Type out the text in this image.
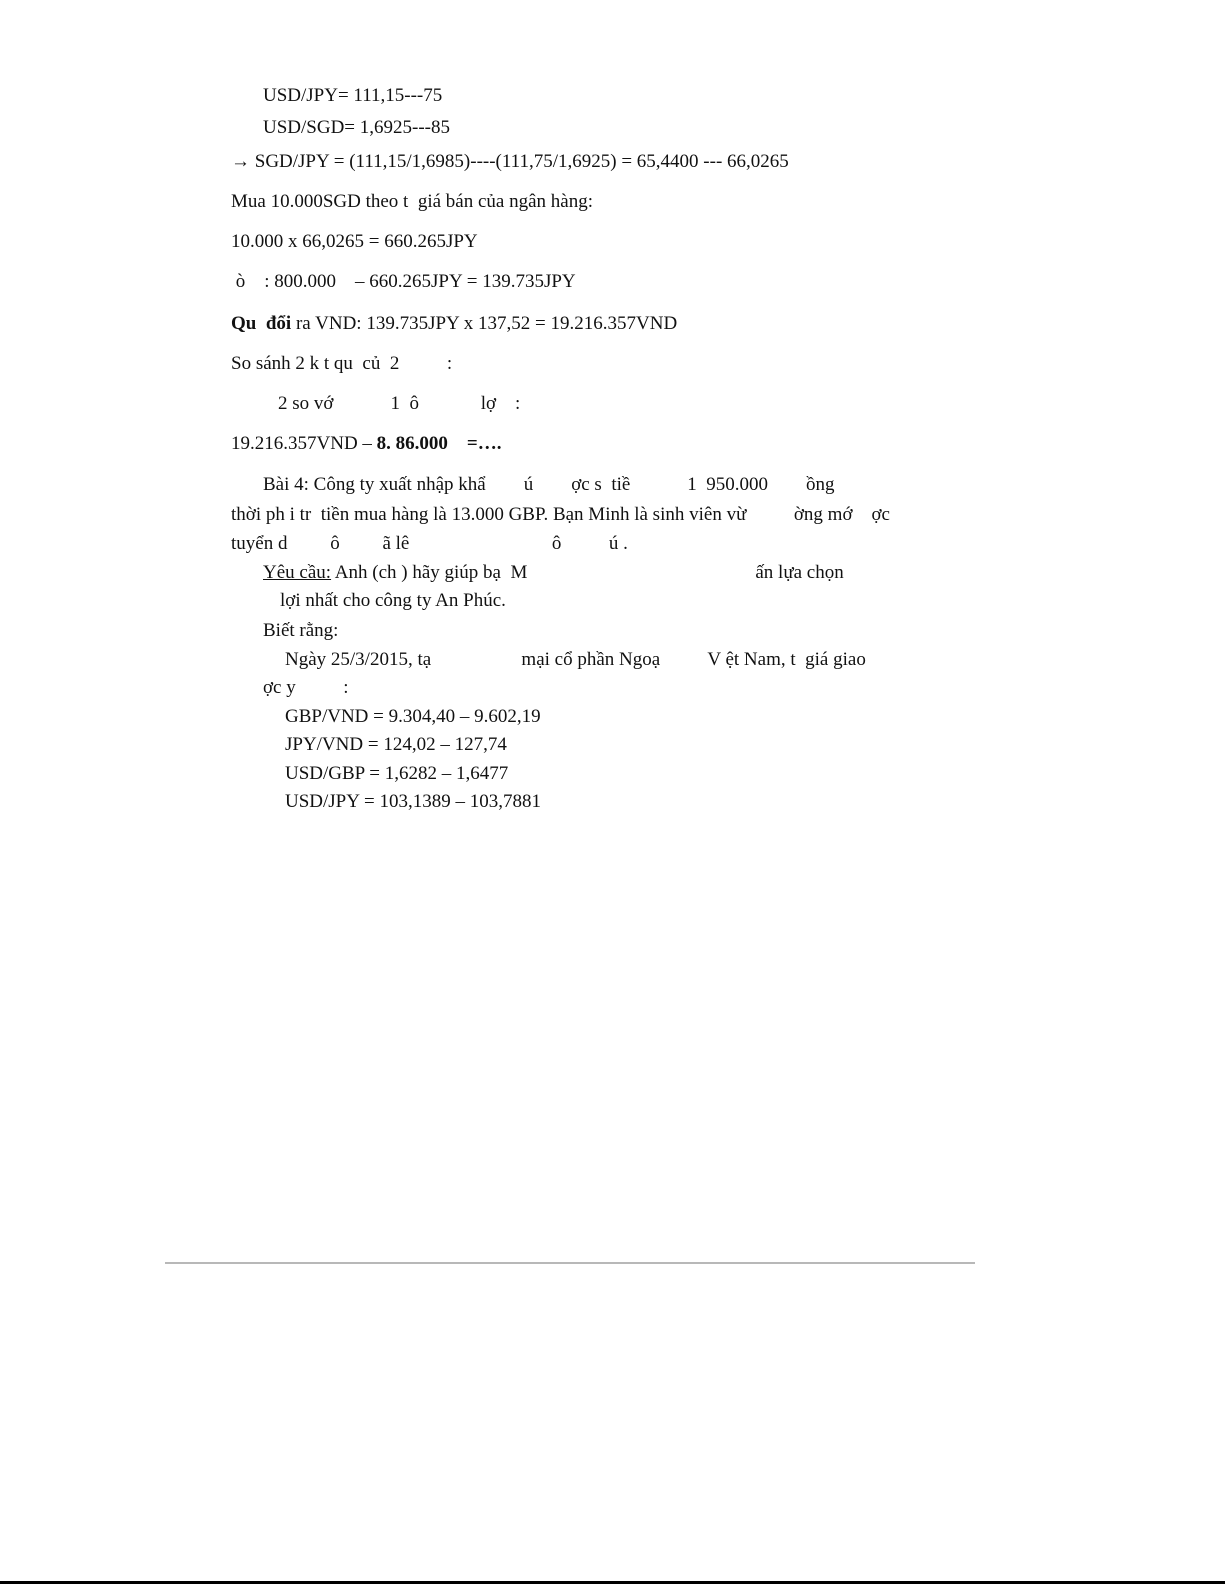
USD/JPY= 111,15---75
USD/SGD= 1,6925---85
→ SGD/JPY = (111,15/1,6985)----(111,75/1,6925) = 65,4400 --- 66,0265
Mua 10.000SGD theo t  giá bán của ngân hàng:
10.000 x 66,0265 = 660.265JPY
ò    : 800.000    – 660.265JPY = 139.735JPY
Qu  đổi ra VND: 139.735JPY x 137,52 = 19.216.357VND
So sánh 2 k t qu  củ  2          :
2 so vớ            1  ô             lợ    :
19.216.357VND – 8. 86.000    =….
Bài 4: Công ty xuất nhập khẩ        ú        ợc s  tiề            1  950.000        ồng
thời ph i tr  tiền mua hàng là 13.000 GBP. Bạn Minh là sinh viên vừ          ờng mớ    ợc
tuyển d         ô         ã lê                              ô          ú .
Yêu cầu: Anh (ch ) hãy giúp bạ  M                                                ấn lựa chọn
lợi nhất cho công ty An Phúc.
Biết rằng:
Ngày 25/3/2015, tạ                   mại cổ phần Ngoạ          V ệt Nam, t  giá giao
ợc y          :
GBP/VND = 9.304,40 – 9.602,19
JPY/VND = 124,02 – 127,74
USD/GBP = 1,6282 – 1,6477
USD/JPY = 103,1389 – 103,7881
